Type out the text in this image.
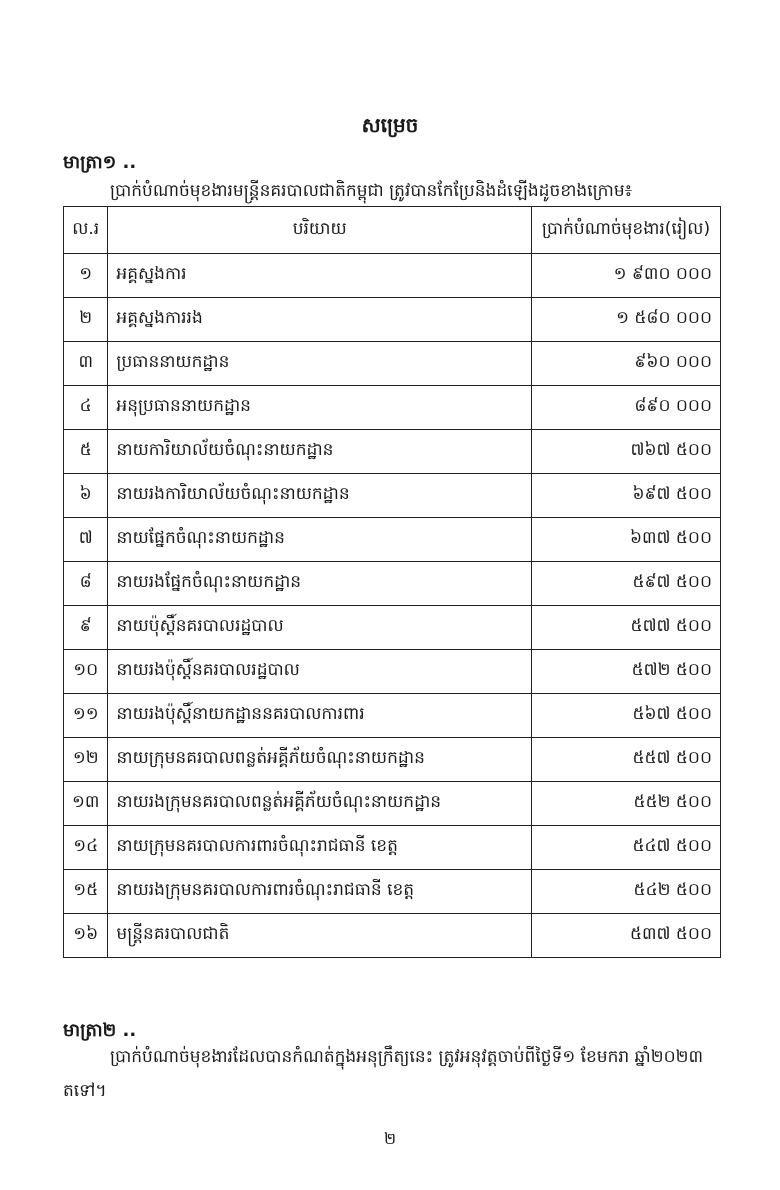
សម្រេច
មាត្រា១ ..
ប្រាក់បំណាច់មុខងារមន្ត្រីនគរបាលជាតិកម្ពុជា ត្រូវបានកែប្រែនិងដំឡើងដូចខាងក្រោម៖
ល.រ	បរិយាយ	ប្រាក់បំណាច់មុខងារ(រៀល)
១	អគ្គស្នងការ	១ ៩៣០ ០០០
២	អគ្គស្នងការរង	១ ៥៨០ ០០០
៣	ប្រធាននាយកដ្ឋាន	៩៦០ ០០០
៤	អនុប្រធាននាយកដ្ឋាន	៨៩០ ០០០
៥	នាយការិយាល័យចំណុះនាយកដ្ឋាន	៧៦៧ ៥០០
៦	នាយរងការិយាល័យចំណុះនាយកដ្ឋាន	៦៩៧ ៥០០
៧	នាយផ្នែកចំណុះនាយកដ្ឋាន	៦៣៧ ៥០០
៨	នាយរងផ្នែកចំណុះនាយកដ្ឋាន	៥៩៧ ៥០០
៩	នាយប៉ុស្តិ៍នគរបាលរដ្ឋបាល	៥៧៧ ៥០០
១០	នាយរងប៉ុស្តិ៍នគរបាលរដ្ឋបាល	៥៧២ ៥០០
១១	នាយរងប៉ុស្តិ៍នាយកដ្ឋាននគរបាលការពារ	៥៦៧ ៥០០
១២	នាយក្រុមនគរបាលពន្លត់អគ្គីភ័យចំណុះនាយកដ្ឋាន	៥៥៧ ៥០០
១៣	នាយរងក្រុមនគរបាលពន្លត់អគ្គីភ័យចំណុះនាយកដ្ឋាន	៥៥២ ៥០០
១៤	នាយក្រុមនគរបាលការពារចំណុះរាជធានី ខេត្ត	៥៤៧ ៥០០
១៥	នាយរងក្រុមនគរបាលការពារចំណុះរាជធានី ខេត្ត	៥៤២ ៥០០
១៦	មន្ត្រីនគរបាលជាតិ	៥៣៧ ៥០០
មាត្រា២ ..
ប្រាក់បំណាច់មុខងារដែលបានកំណត់ក្នុងអនុក្រឹត្យនេះ ត្រូវអនុវត្តចាប់ពីថ្ងៃទី១ ខែមករា ឆ្នាំ២០២៣
តទៅ។
២
